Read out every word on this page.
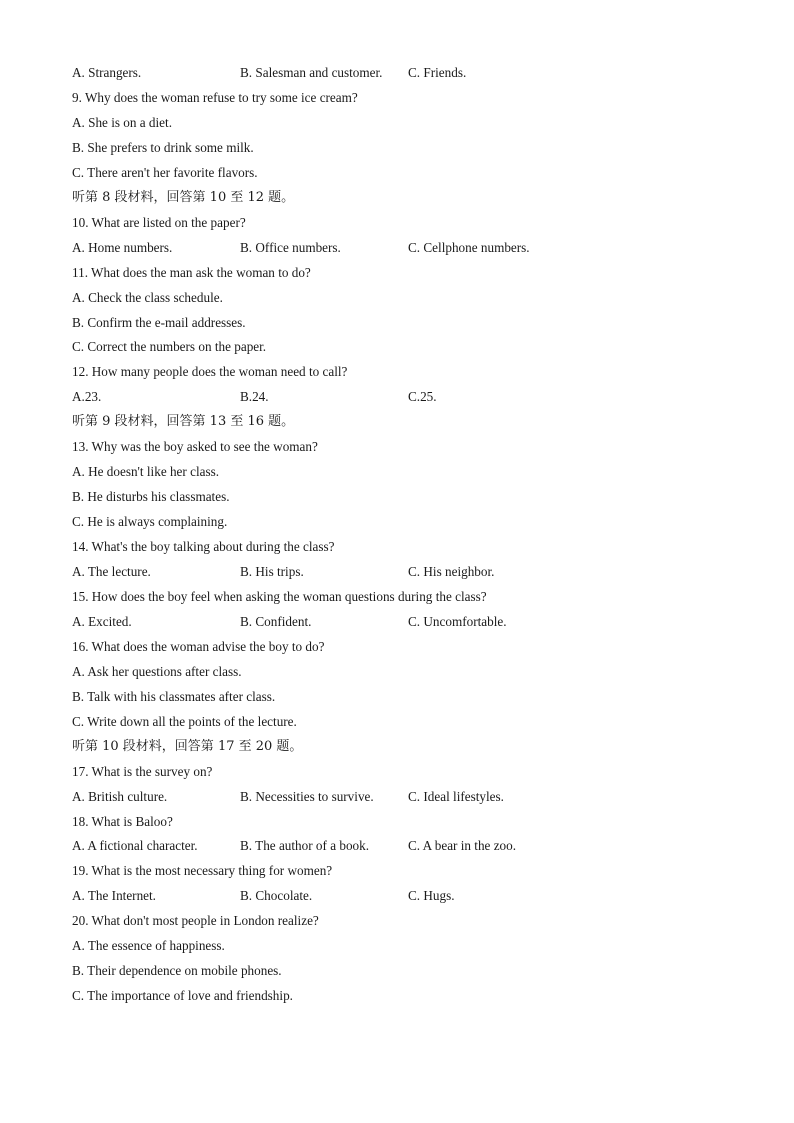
A. Strangers.	B. Salesman and customer. C. Friends.
9. Why does the woman refuse to try some ice cream?
A. She is on a diet.
B. She prefers to drink some milk.
C. There aren't her favorite flavors.
听第 8 段材料，回答第 10 至 12 题。
10. What are listed on the paper?
A. Home numbers.	B. Office numbers.	C. Cellphone numbers.
11. What does the man ask the woman to do?
A. Check the class schedule.
B. Confirm the e-mail addresses.
C. Correct the numbers on the paper.
12. How many people does the woman need to call?
A.23.	B.24.	C.25.
听第 9 段材料，回答第 13 至 16 题。
13. Why was the boy asked to see the woman?
A. He doesn't like her class.
B. He disturbs his classmates.
C. He is always complaining.
14. What's the boy talking about during the class?
A. The lecture.	B. His trips.	C. His neighbor.
15. How does the boy feel when asking the woman questions during the class?
A. Excited.	B. Confident.	C. Uncomfortable.
16. What does the woman advise the boy to do?
A. Ask her questions after class.
B. Talk with his classmates after class.
C. Write down all the points of the lecture.
听第 10 段材料，回答第 17 至 20 题。
17. What is the survey on?
A. British culture.	B. Necessities to survive.	C. Ideal lifestyles.
18. What is Baloo?
A. A fictional character.	B. The author of a book.	C. A bear in the zoo.
19. What is the most necessary thing for women?
A. The Internet.	B. Chocolate.	C. Hugs.
20. What don't most people in London realize?
A. The essence of happiness.
B. Their dependence on mobile phones.
C. The importance of love and friendship.
